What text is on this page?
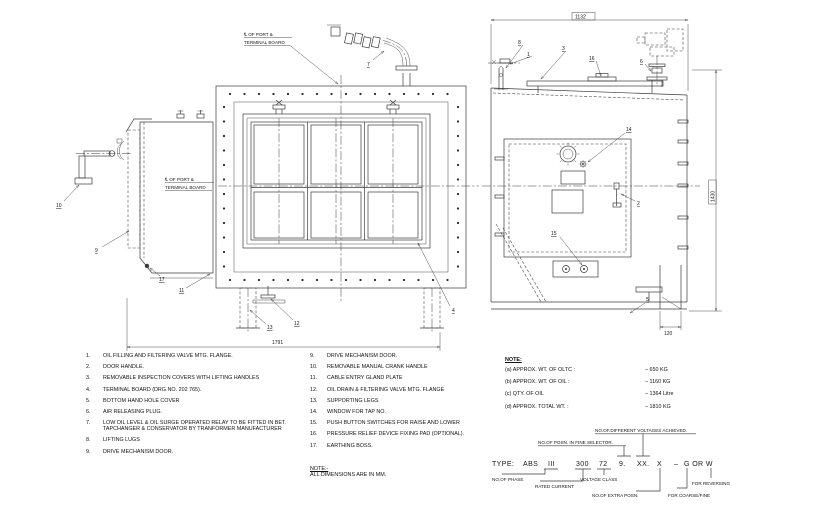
7
4
13
12
1791
℄ OF PORT &
TERMINAL BOARD
10
℄ OF PORT &
TERMINAL BOARD
9
17
11
5
2
15
14
8
1
3
16	6
1132
1430
120
1.	OIL FILLING AND FILTERING VALVE MTG. FLANGE.
2.	DOOR HANDLE.
3.	REMOVABLE INSPECTION COVERS WITH LIFTING HANDLES
4.	TERMINAL BOARD (DRG.NO. 202 765).
5.	BOTTOM HAND HOLE COVER
6.	AIR RELEASING PLUG.
7.	LOW OIL LEVEL & OIL SURGE OPERATED RELAY TO BE FITTED IN BET. TAPCHANGER & CONSERVATOR BY TRANFORMER MANUFACTURER
8.	LIFTING LUGS
9.	DRIVE MECHANISM DOOR.
9.	DRIVE MECHANISM DOOR.
10.	REMOVABLE MANUAL CRANK HANDLE
11.	CABLE ENTRY GLAND PLATE
12.	OIL DRAIN & FILTERING VALVE MTG. FLANGE
13.	SUPPORTING LEGS
14.	WINDOW FOR TAP NO.
15.	PUSH BUTTON SWITCHES FOR RAISE AND LOWER
16.	PRESSURE RELIEF DEVICE FIXING PAD (OPTIONAL).
17.	EARTHING BOSS.
NOTE:
(a) APPROX. WT. OF OLTC :	– 650 KG
(b) APPROX. WT. OF OIL :	– 1160 KG
(c) QTY. OF OIL	– 1364 Litre
(d) APPROX. TOTAL WT. :	– 1810 KG
NOTE:-
ALL DIMENSIONS ARE IN MM.
NO.OF.DIFFERENT VOLTAGES ACHIEVED.
NO.OF POSN. IN FINE SELECTOR.
TYPE: ABS III	300 72 9. XX. X – G OR W
NO.OF PHASE
RATED CURRENT
VOLTAGE CLASS
NO.OF EXTRA POSN.	FOR COARSE/FINE
FOR REVERSING
